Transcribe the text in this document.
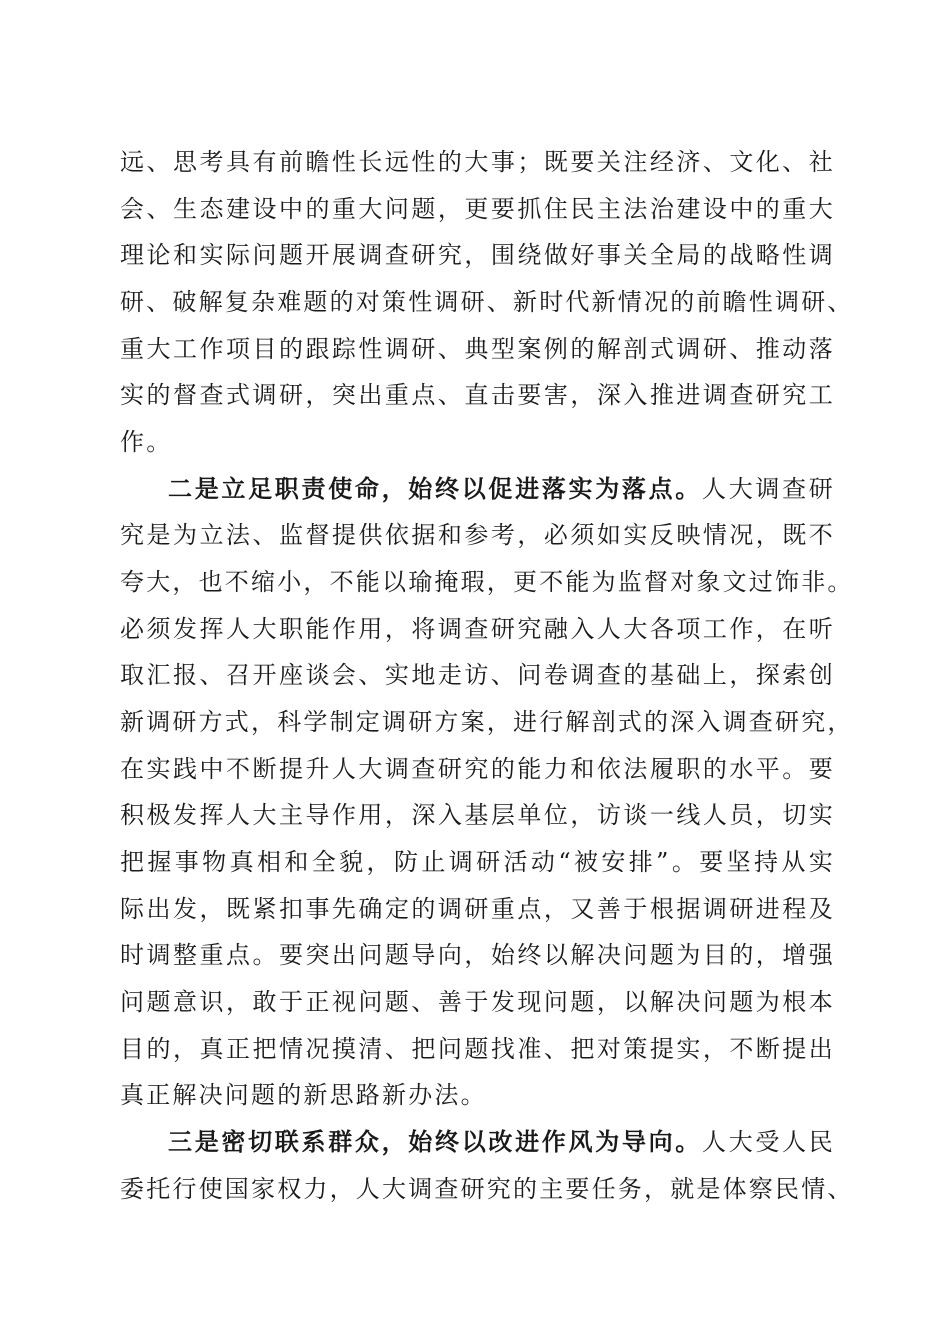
远、思考具有前瞻性长远性的大事；既要关注经济、文化、社
会、生态建设中的重大问题，更要抓住民主法治建设中的重大
理论和实际问题开展调查研究，围绕做好事关全局的战略性调
研、破解复杂难题的对策性调研、新时代新情况的前瞻性调研、
重大工作项目的跟踪性调研、典型案例的解剖式调研、推动落
实的督查式调研，突出重点、直击要害，深入推进调查研究工
作。
二是立足职责使命，始终以促进落实为落点。人大调查研
究是为立法、监督提供依据和参考，必须如实反映情况，既不
夸大，也不缩小，不能以瑜掩瑕，更不能为监督对象文过饰非。
必须发挥人大职能作用，将调查研究融入人大各项工作，在听
取汇报、召开座谈会、实地走访、问卷调查的基础上，探索创
新调研方式，科学制定调研方案，进行解剖式的深入调查研究，
在实践中不断提升人大调查研究的能力和依法履职的水平。要
积极发挥人大主导作用，深入基层单位，访谈一线人员，切实
把握事物真相和全貌，防止调研活动“被安排”。要坚持从实
际出发，既紧扣事先确定的调研重点，又善于根据调研进程及
时调整重点。要突出问题导向，始终以解决问题为目的，增强
问题意识，敢于正视问题、善于发现问题，以解决问题为根本
目的，真正把情况摸清、把问题找准、把对策提实，不断提出
真正解决问题的新思路新办法。
三是密切联系群众，始终以改进作风为导向。人大受人民
委托行使国家权力，人大调查研究的主要任务，就是体察民情、
